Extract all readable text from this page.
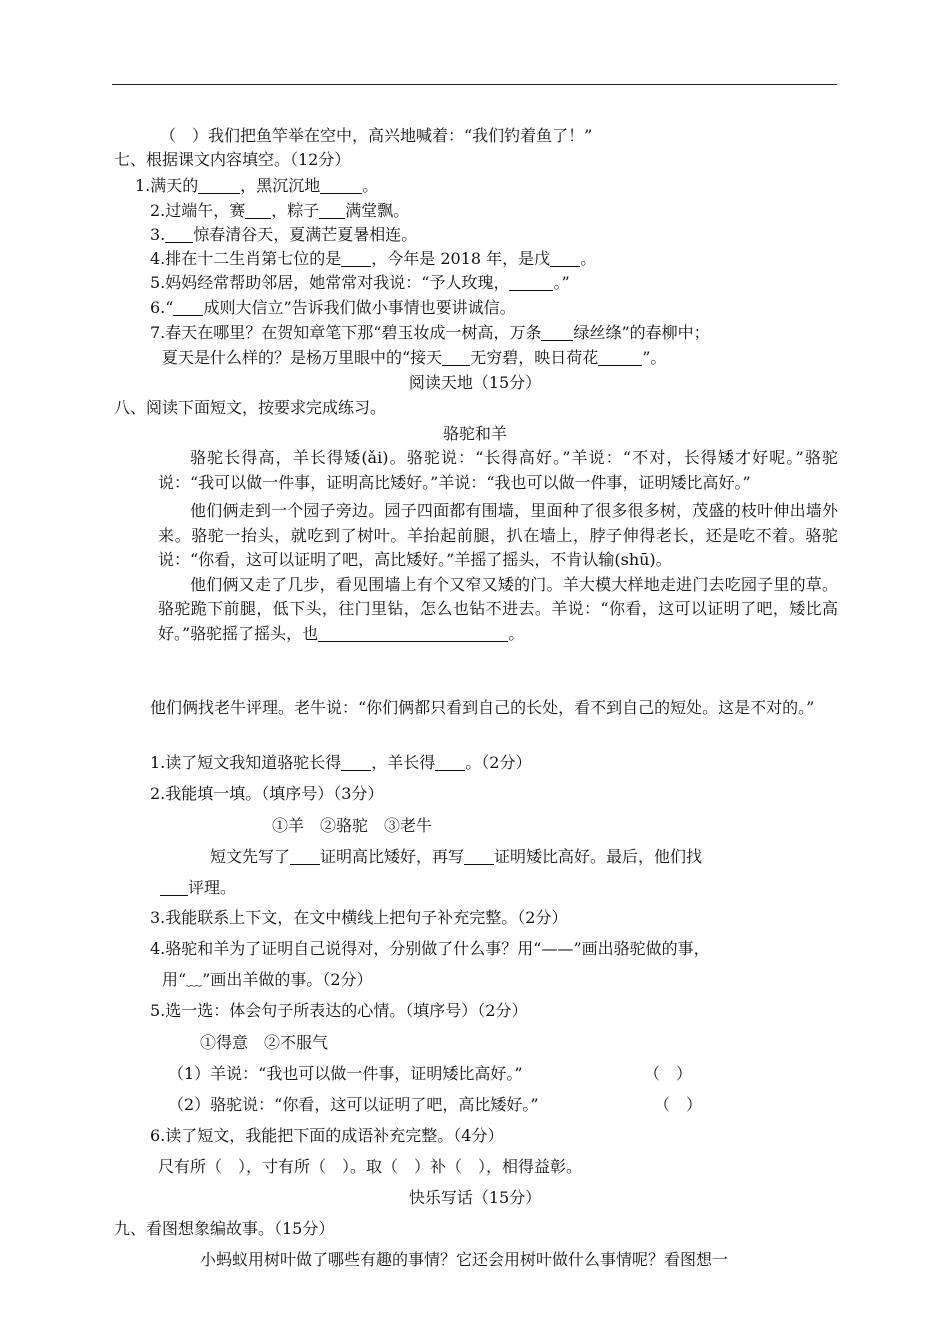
（　）我们把鱼竿举在空中，高兴地喊着：“我们钓着鱼了！”
七、根据课文内容填空。（12分）
1.满天的	，黑沉沉地	。
2.过端午，赛 ，粽子 满堂飘。
3. 惊春清谷天，夏满芒夏暑相连。
4.排在十二生肖第七位的是 ，今年是 2018 年，是戊 。
5.妈妈经常帮助邻居，她常常对我说：“予人玫瑰，	。”
6.“ 成则大信立”告诉我们做小事情也要讲诚信。
7.春天在哪里？在贺知章笔下那“碧玉妆成一树高，万条 绿丝绦”的春柳中；
夏天是什么样的？是杨万里眼中的“接天 无穷碧，映日荷花	”。
阅读天地（15分）
八、阅读下面短文，按要求完成练习。
骆驼和羊

骆驼长得高，羊长得矮(ǎi)。骆驼说：“长得高好。”羊说：“不对，长得矮才好呢。”骆驼说：“我可以做一件事，证明高比矮好。”羊说：“我也可以做一件事，证明矮比高好。”

他们俩走到一个园子旁边。园子四面都有围墙，里面种了很多很多树，茂盛的枝叶伸出墙外来。骆驼一抬头，就吃到了树叶。羊抬起前腿，扒在墙上，脖子伸得老长，还是吃不着。骆驼说：“你看，这可以证明了吧，高比矮好。”羊摇了摇头，不肯认输(shū)。

他们俩又走了几步，看见围墙上有个又窄又矮的门。羊大模大样地走进门去吃园子里的草。骆驼跪下前腿，低下头，往门里钻，怎么也钻不进去。羊说：“你看，这可以证明了吧，矮比高好。”骆驼摇了摇头，也	。

他们俩找老牛评理。老牛说：“你们俩都只看到自己的长处，看不到自己的短处。这是不对的。”
1.读了短文我知道骆驼长得 ，羊长得 。（2分）
2.我能填一填。（填序号）（3分）
①羊　②骆驼　③老牛
短文先写了 证明高比矮好，再写 证明矮比高好。最后，他们找
评理。
3.我能联系上下文，在文中横线上把句子补充完整。（2分）
4.骆驼和羊为了证明自己说得对，分别做了什么事？用“——”画出骆驼做的事，
用“﹏”画出羊做的事。（2分）
5.选一选：体会句子所表达的心情。（填序号）（2分）
①得意　②不服气
（1）羊说：“我也可以做一件事，证明矮比高好。”	（　）
（2）骆驼说：“你看，这可以证明了吧，高比矮好。”	（　）
6.读了短文，我能把下面的成语补充完整。（4分）
尺有所（　），寸有所（　）。取（　）补（　），相得益彰。
快乐写话（15分）
九、看图想象编故事。（15分）
小蚂蚁用树叶做了哪些有趣的事情？它还会用树叶做什么事情呢？看图想一
